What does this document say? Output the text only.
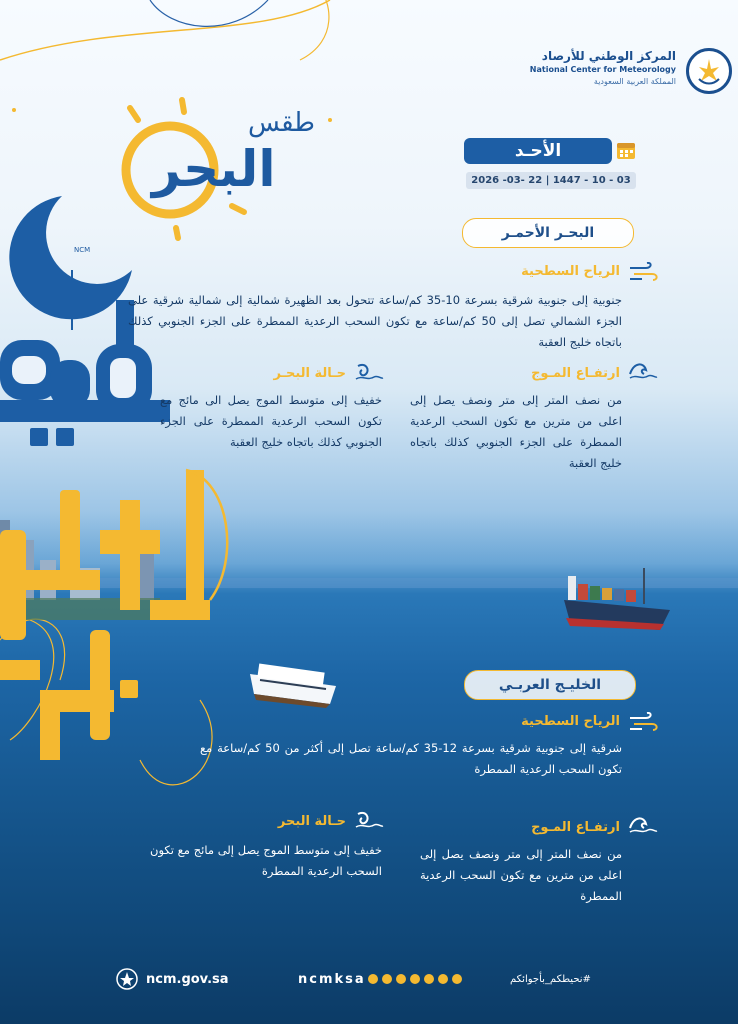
المركز الوطني للأرصاد
National Center for Meteorology
المملكة العربية السعودية
طقس
البحر
NCM
الأحـد
2026 -03- 22 | 1447 - 10 - 03
البحـر الأحمـر
الرياح السطحية
جنوبية إلى جنوبية شرقية بسرعة 10-35 كم/ساعة تتحول بعد الظهيرة شمالية إلى شمالية شرقية على الجزء الشمالي تصل إلى 50 كم/ساعة مع تكون السحب الرعدية الممطرة على الجزء الجنوبي كذلك باتجاه خليج العقبة
ارتفـاع المـوج
من نصف المتر إلى متر ونصف يصل إلى اعلى من مترين مع تكون السحب الرعدية الممطرة على الجزء الجنوبي كذلك باتجاه خليج العقبة
حـالة البحـر
خفيف إلى متوسط الموج يصل الى مائج مع تكون السحب الرعدية الممطرة على الجزء الجنوبي كذلك باتجاه خليج العقبة
الخليـج العربـي
الرياح السطحية
شرقية إلى جنوبية شرقية بسرعة 12-35 كم/ساعة تصل إلى أكثر من 50 كم/ساعة مع تكون السحب الرعدية الممطرة
ارتفـاع المـوج
من نصف المتر إلى متر ونصف يصل إلى اعلى من مترين مع تكون السحب الرعدية الممطرة
حـالة البحر
خفيف إلى متوسط الموج يصل إلى مائج مع تكون السحب الرعدية الممطرة
ncm.gov.sa	ncmksa	#نحيطكم_بأجوائكم
